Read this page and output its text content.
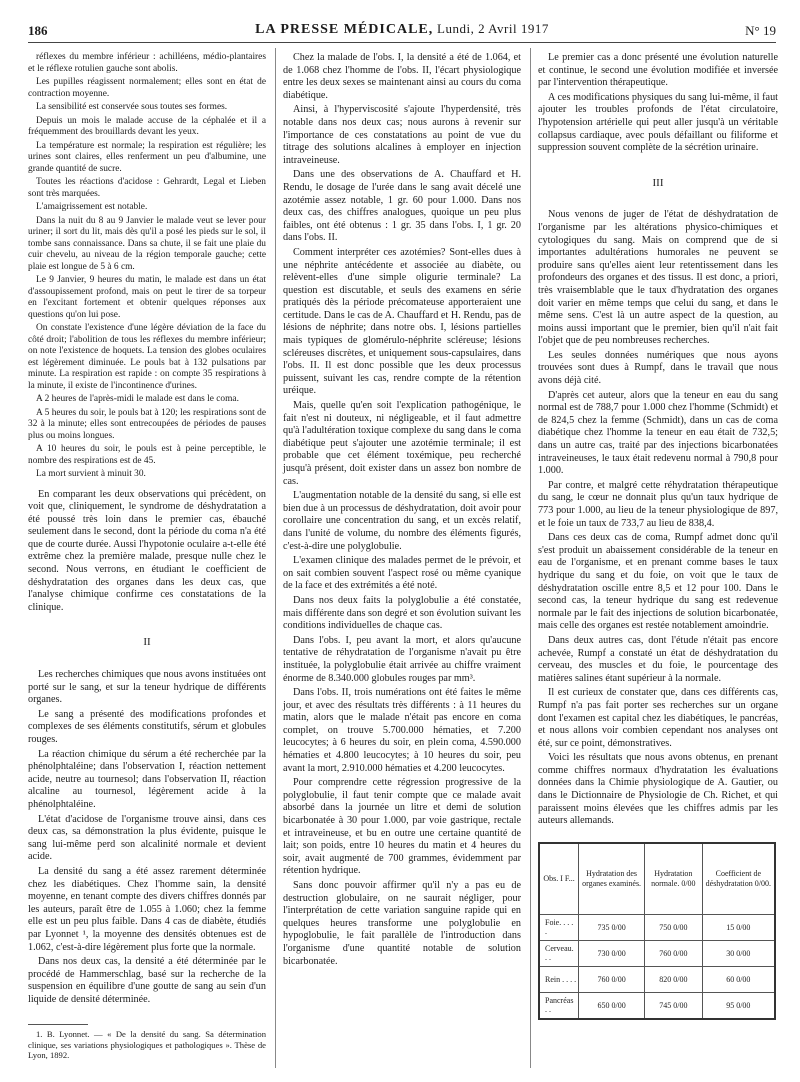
186	LA PRESSE MÉDICALE, Lundi, 2 Avril 1917	N° 19

réflexes du membre inférieur : achilléens, médio-plantaires et le réflexe rotulien gauche sont abolis.

Les pupilles réagissent normalement; elles sont en état de contraction moyenne.

La sensibilité est conservée sous toutes ses formes.

Depuis un mois le malade accuse de la céphalée et il a fréquemment des brouillards devant les yeux.

La température est normale; la respiration est régulière; les urines sont claires, elles renferment un peu d'albumine, une grande quantité de sucre.

Toutes les réactions d'acidose : Gehrardt, Legal et Lieben sont très marquées.

L'amaigrissement est notable.

Dans la nuit du 8 au 9 Janvier le malade veut se lever pour uriner; il sort du lit, mais dès qu'il a posé les pieds sur le sol, il tombe sans connaissance. Dans sa chute, il se fait une plaie du cuir chevelu, au niveau de la région temporale gauche; cette plaie est longue de 5 à 6 cm.

Le 9 Janvier, 9 heures du matin, le malade est dans un état d'assoupissement profond, mais on peut le tirer de sa torpeur en l'excitant fortement et obtenir quelques réponses aux questions qu'on lui pose.

On constate l'existence d'une légère déviation de la face du côté droit; l'abolition de tous les réflexes du membre inférieur; on note l'existence de hoquets. La tension des globes oculaires est légèrement diminuée. Le pouls bat à 132 pulsations par minute. La respiration est rapide : on compte 35 respirations à la minute, il existe de l'incontinence d'urines.

A 2 heures de l'après-midi le malade est dans le coma.

A 5 heures du soir, le pouls bat à 120; les respirations sont de 32 à la minute; elles sont entrecoupées de périodes de pauses plus ou moins longues.

A 10 heures du soir, le pouls est à peine perceptible, le nombre des respirations est de 45.

La mort survient à minuit 30.

En comparant les deux observations qui précèdent, on voit que, cliniquement, le syndrome de déshydratation a été poussé très loin dans le premier cas, ébauché seulement dans le second, dont la période du coma n'a été que de courte durée. Aussi l'hypotonie oculaire a-t-elle été extrême chez la première malade, presque nulle chez le second. Nous verrons, en étudiant le coefficient de déshydratation des organes dans les deux cas, que l'analyse chimique confirme ces constatations de la clinique.

II

Les recherches chimiques que nous avons instituées ont porté sur le sang, et sur la teneur hydrique de différents organes.

Le sang a présenté des modifications profondes et complexes de ses éléments constitutifs, sérum et globules rouges.

La réaction chimique du sérum a été recherchée par la phénolphtaléine; dans l'observation I, réaction nettement acide, neutre au tournesol; dans l'observation II, réaction alcaline au tournesol, légèrement acide à la phénolphtaléine.

L'état d'acidose de l'organisme trouve ainsi, dans ces deux cas, sa démonstration la plus évidente, puisque le sang lui-même perd son alcalinité normale et devient acide.

La densité du sang a été assez rarement déterminée chez les diabétiques. Chez l'homme sain, la densité moyenne, en tenant compte des divers chiffres donnés par les auteurs, paraît être de 1.055 à 1.060; chez la femme elle est un peu plus faible. Dans 4 cas de diabète, étudiés par Lyonnet ¹, la moyenne des densités obtenues est de 1.062, c'est-à-dire légèrement plus forte que la normale.

Dans nos deux cas, la densité a été déterminée par le procédé de Hammerschlag, basé sur la recherche de la suspension en équilibre d'une goutte de sang au sein d'un liquide de densité déterminée.

1. B. Lyonnet. — « De la densité du sang. Sa détermination clinique, ses variations physiologiques et pathologiques ». Thèse de Lyon, 1892.

Chez la malade de l'obs. I, la densité a été de 1.064, et de 1.068 chez l'homme de l'obs. II, l'écart physiologique entre les deux sexes se maintenant ainsi au cours du coma diabétique.

Ainsi, à l'hyperviscosité s'ajoute l'hyperdensité, très notable dans nos deux cas; nous aurons à revenir sur l'importance de ces constatations au point de vue du titrage des solutions alcalines à employer en injection intraveineuse.

Dans une des observations de A. Chauffard et H. Rendu, le dosage de l'urée dans le sang avait décelé une azotémie assez notable, 1 gr. 60 pour 1.000. Dans nos deux cas, des chiffres analogues, quoique un peu plus faibles, ont été obtenus : 1 gr. 35 dans l'obs. I, 1 gr. 20 dans l'obs. II.

Comment interpréter ces azotémies? Sont-elles dues à une néphrite antécédente et associée au diabète, ou relèvent-elles d'une simple oligurie terminale? La question est discutable, et seuls des examens en série pratiqués dès la période précomateuse apporteraient une certitude. Dans le cas de A. Chauffard et H. Rendu, pas de lésions de néphrite; dans notre obs. I, lésions partielles mais typiques de glomérulo-néphrite scléreuse; lésions scléreuses discrètes, et uniquement sous-capsulaires, dans l'obs. II. Il est donc possible que les deux processus puissent, suivant les cas, rendre compte de la rétention uréique.

Mais, quelle qu'en soit l'explication pathogénique, le fait n'est ni douteux, ni négligeable, et il faut admettre qu'à l'adultération toxique complexe du sang dans le coma diabétique peut s'ajouter une azotémie terminale; il est probable que cet élément toxémique, peu recherché jusqu'à présent, doit exister dans un assez bon nombre de cas.

L'augmentation notable de la densité du sang, si elle est bien due à un processus de déshydratation, doit avoir pour corollaire une concentration du sang, et un excès relatif, dans l'unité de volume, du nombre des éléments figurés, c'est-à-dire une polyglobulie.

L'examen clinique des malades permet de le prévoir, et on sait combien souvent l'aspect rosé ou même cyanique de la face et des extrémités a été noté.

Dans nos deux faits la polyglobulie a été constatée, mais différente dans son degré et son évolution suivant les conditions individuelles de chaque cas.

Dans l'obs. I, peu avant la mort, et alors qu'aucune tentative de réhydratation de l'organisme n'avait pu être instituée, la polyglobulie était arrivée au chiffre vraiment énorme de 8.340.000 globules rouges par mm³.

Dans l'obs. II, trois numérations ont été faites le même jour, et avec des résultats très différents : à 11 heures du matin, alors que le malade n'était pas encore en coma complet, on trouve 5.700.000 hématies, et 7.200 leucocytes; à 6 heures du soir, en plein coma, 4.590.000 hématies et 4.800 leucocytes; à 10 heures du soir, peu avant la mort, 2.910.000 hématies et 4.200 leucocytes.

Pour comprendre cette régression progressive de la polyglobulie, il faut tenir compte que ce malade avait absorbé dans la journée un litre et demi de solution bicarbonatée à 30 pour 1.000, par voie gastrique, rectale et intraveineuse, et bu en outre une certaine quantité de lait; son poids, entre 10 heures du matin et 4 heures du soir, avait augmenté de 700 grammes, évidemment par rétention hydrique.

Sans donc pouvoir affirmer qu'il n'y a pas eu de destruction globulaire, on ne saurait négliger, pour l'interprétation de cette variation sanguine rapide qui en quelques heures transforme une polyglobulie en hypoglobulie, le fait parallèle de l'introduction dans l'organisme d'une quantité notable de solution bicarbonatée.

Le premier cas a donc présenté une évolution naturelle et continue, le second une évolution modifiée et inversée par l'intervention thérapeutique.

A ces modifications physiques du sang lui-même, il faut ajouter les troubles profonds de l'état circulatoire, l'hypotension artérielle qui peut aller jusqu'à un véritable collapsus cardiaque, avec pouls défaillant ou filiforme et suppression souvent complète de la sécrétion urinaire.

III

Nous venons de juger de l'état de déshydratation de l'organisme par les altérations physico-chimiques et cytologiques du sang. Mais on comprend que de si importantes adultérations humorales ne peuvent se produire sans qu'elles aient leur retentissement dans les profondeurs des organes et des tissus. Il est donc, a priori, très vraisemblable que le taux d'hydratation des organes doit varier en même temps que celui du sang, et dans le même sens. C'est là un autre aspect de la question, au moins aussi important que le premier, bien qu'il n'ait fait l'objet que de peu nombreuses recherches.

Les seules données numériques que nous ayons trouvées sont dues à Rumpf, dans le travail que nous avons déjà cité.

D'après cet auteur, alors que la teneur en eau du sang normal est de 788,7 pour 1.000 chez l'homme (Schmidt) et de 824,5 chez la femme (Schmidt), dans un cas de coma diabétique chez l'homme la teneur en eau était de 732,5; dans un autre cas, traité par des injections bicarbonatées intraveineuses, le taux était redevenu normal à 790,8 pour 1.000.

Par contre, et malgré cette réhydratation thérapeutique du sang, le cœur ne donnait plus qu'un taux hydrique de 773 pour 1.000, au lieu de la teneur physiologique de 897, et le foie un taux de 733,7 au lieu de 838,4.

Dans ces deux cas de coma, Rumpf admet donc qu'il s'est produit un abaissement considérable de la teneur en eau de l'organisme, et en prenant comme bases le taux hydrique du sang et du foie, on voit que le taux de déshydratation oscille entre 8,5 et 12 pour 100. Dans le second cas, la teneur hydrique du sang est redevenue normale par le fait des injections de solution bicarbonatée, mais celle des organes est restée notablement amoindrie.

Dans deux autres cas, dont l'étude n'était pas encore achevée, Rumpf a constaté un état de déshydratation du cerveau, des muscles et du foie, le pourcentage des matières salines étant supérieur à la normale.

Il est curieux de constater que, dans ces différents cas, Rumpf n'a pas fait porter ses recherches sur un organe dont l'examen est capital chez les diabétiques, le pancréas, et nous allons voir combien cependant nos analyses ont été, sur ce point, démonstratives.

Voici les résultats que nous avons obtenus, en prenant comme chiffres normaux d'hydratation les évaluations données dans la Chimie physiologique de A. Gautier, ou dans le Dictionnaire de Physiologie de Ch. Richet, et qui paraissent moins élevées que les chiffres admis par les auteurs allemands.

Obs. I F...	Hydratation des organes examinés.	Hydratation normale. 0/00	Coefficient de déshydratation 0/00.
Foie. . . . .	735 0/00	750 0/00	15 0/00
Cerveau. . .	730 0/00	760 0/00	30 0/00
Rein . . . .	760 0/00	820 0/00	60 0/00
Pancréas . .	650 0/00	745 0/00	95 0/00
